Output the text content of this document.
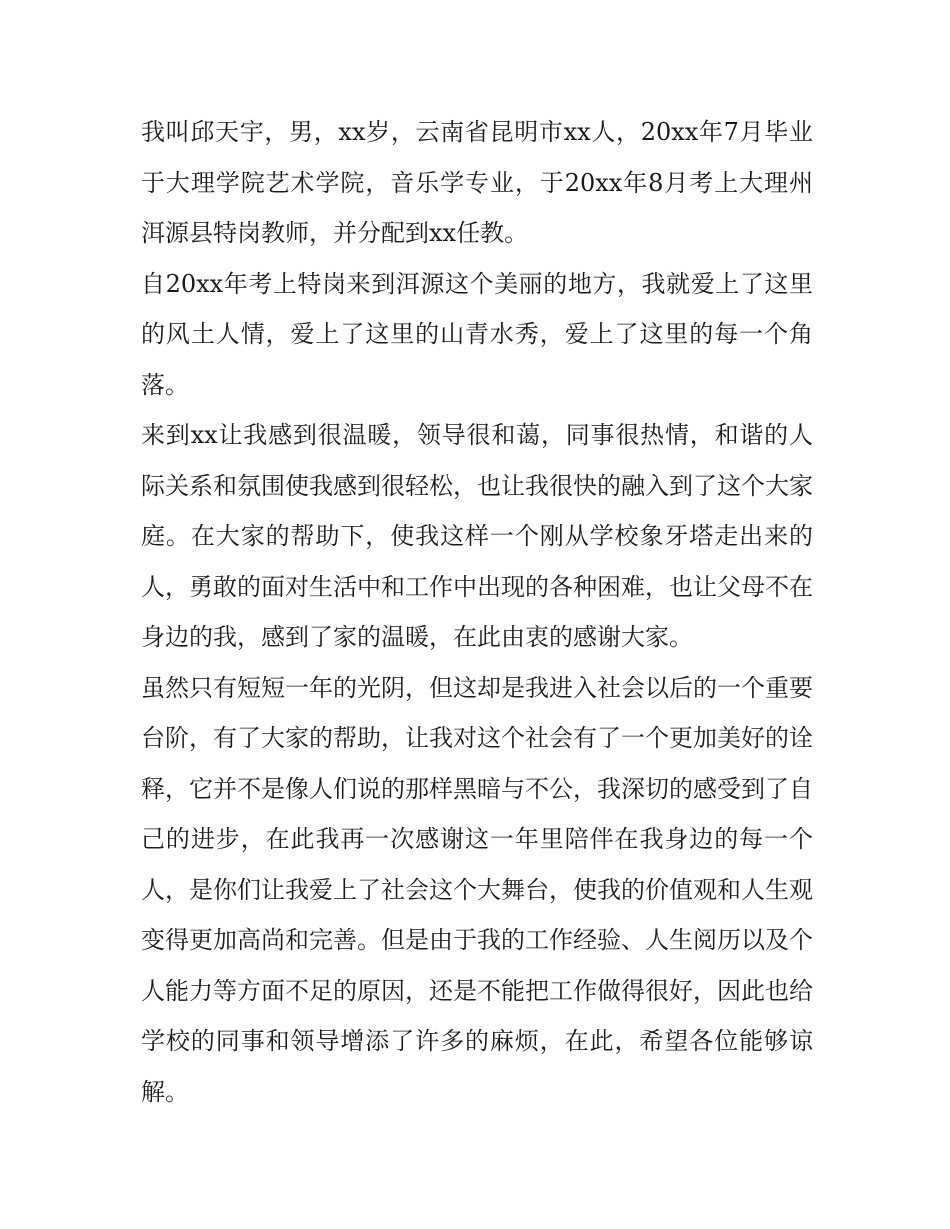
我叫邱天宇，男，xx岁，云南省昆明市xx人，20xx年7月毕业于大理学院艺术学院，音乐学专业，于20xx年8月考上大理州洱源县特岗教师，并分配到xx任教。

自20xx年考上特岗来到洱源这个美丽的地方，我就爱上了这里的风土人情，爱上了这里的山青水秀，爱上了这里的每一个角落。

来到xx让我感到很温暖，领导很和蔼，同事很热情，和谐的人际关系和氛围使我感到很轻松，也让我很快的融入到了这个大家庭。在大家的帮助下，使我这样一个刚从学校象牙塔走出来的人，勇敢的面对生活中和工作中出现的各种困难，也让父母不在身边的我，感到了家的温暖，在此由衷的感谢大家。

虽然只有短短一年的光阴，但这却是我进入社会以后的一个重要台阶，有了大家的帮助，让我对这个社会有了一个更加美好的诠释，它并不是像人们说的那样黑暗与不公，我深切的感受到了自己的进步，在此我再一次感谢这一年里陪伴在我身边的每一个人，是你们让我爱上了社会这个大舞台，使我的价值观和人生观变得更加高尚和完善。但是由于我的工作经验、人生阅历以及个人能力等方面不足的原因，还是不能把工作做得很好，因此也给学校的同事和领导增添了许多的麻烦，在此，希望各位能够谅解。
